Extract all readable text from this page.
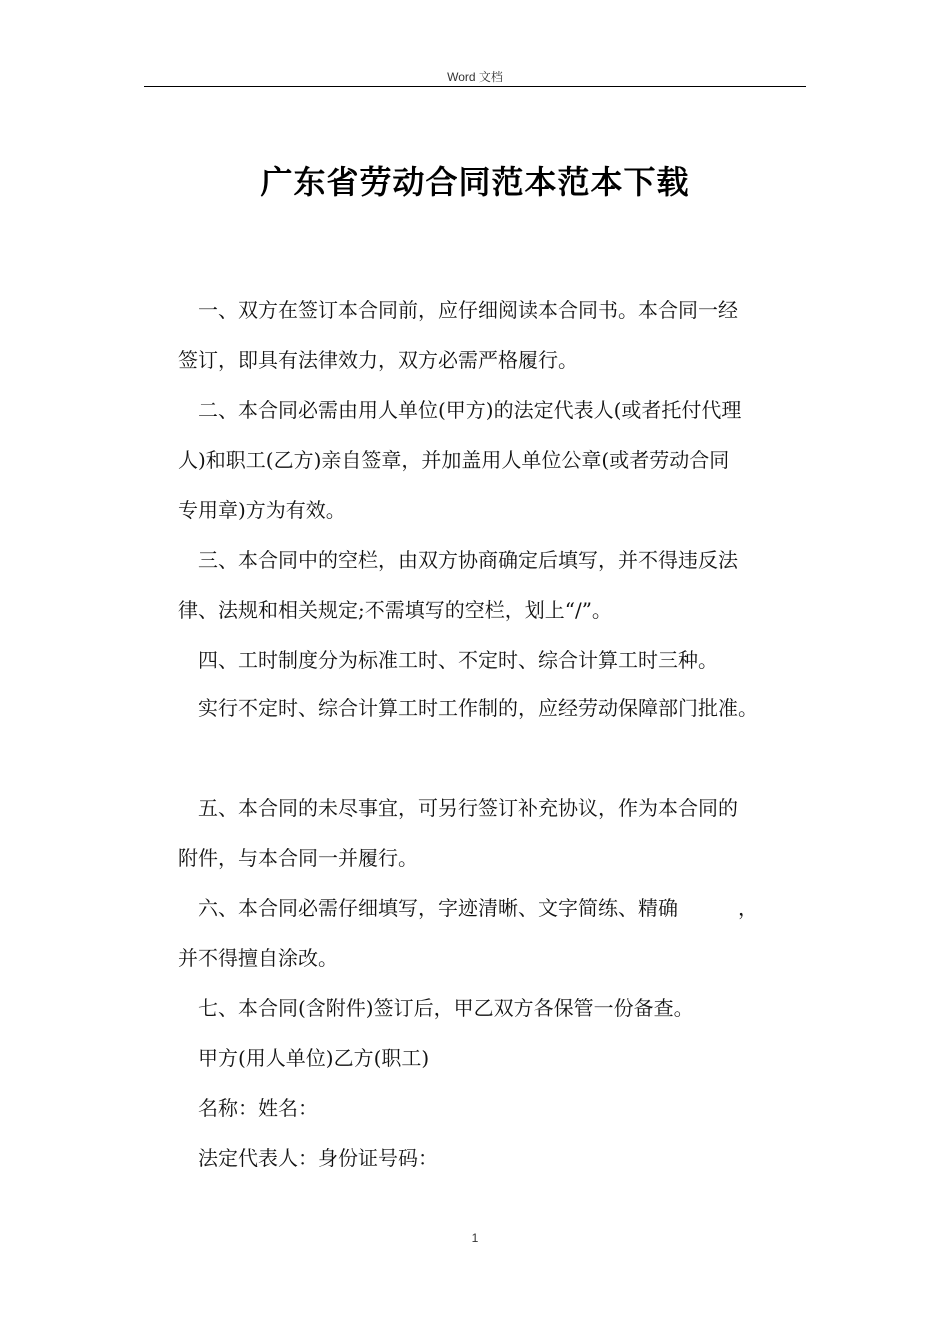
Word 文档
广东省劳动合同范本范本下载
一、双方在签订本合同前，应仔细阅读本合同书。本合同一经
签订，即具有法律效力，双方必需严格履行。
二、本合同必需由用人单位(甲方)的法定代表人(或者托付代理
人)和职工(乙方)亲自签章，并加盖用人单位公章(或者劳动合同
专用章)方为有效。
三、本合同中的空栏，由双方协商确定后填写，并不得违反法
律、法规和相关规定;不需填写的空栏，划上“/”。
四、工时制度分为标准工时、不定时、综合计算工时三种。
实行不定时、综合计算工时工作制的，应经劳动保障部门批准。
五、本合同的未尽事宜，可另行签订补充协议，作为本合同的
附件，与本合同一并履行。
六、本合同必需仔细填写，字迹清晰、文字简练、精确　　　，
并不得擅自涂改。
七、本合同(含附件)签订后，甲乙双方各保管一份备查。
甲方(用人单位)乙方(职工)
名称：姓名：
法定代表人：身份证号码：
1
